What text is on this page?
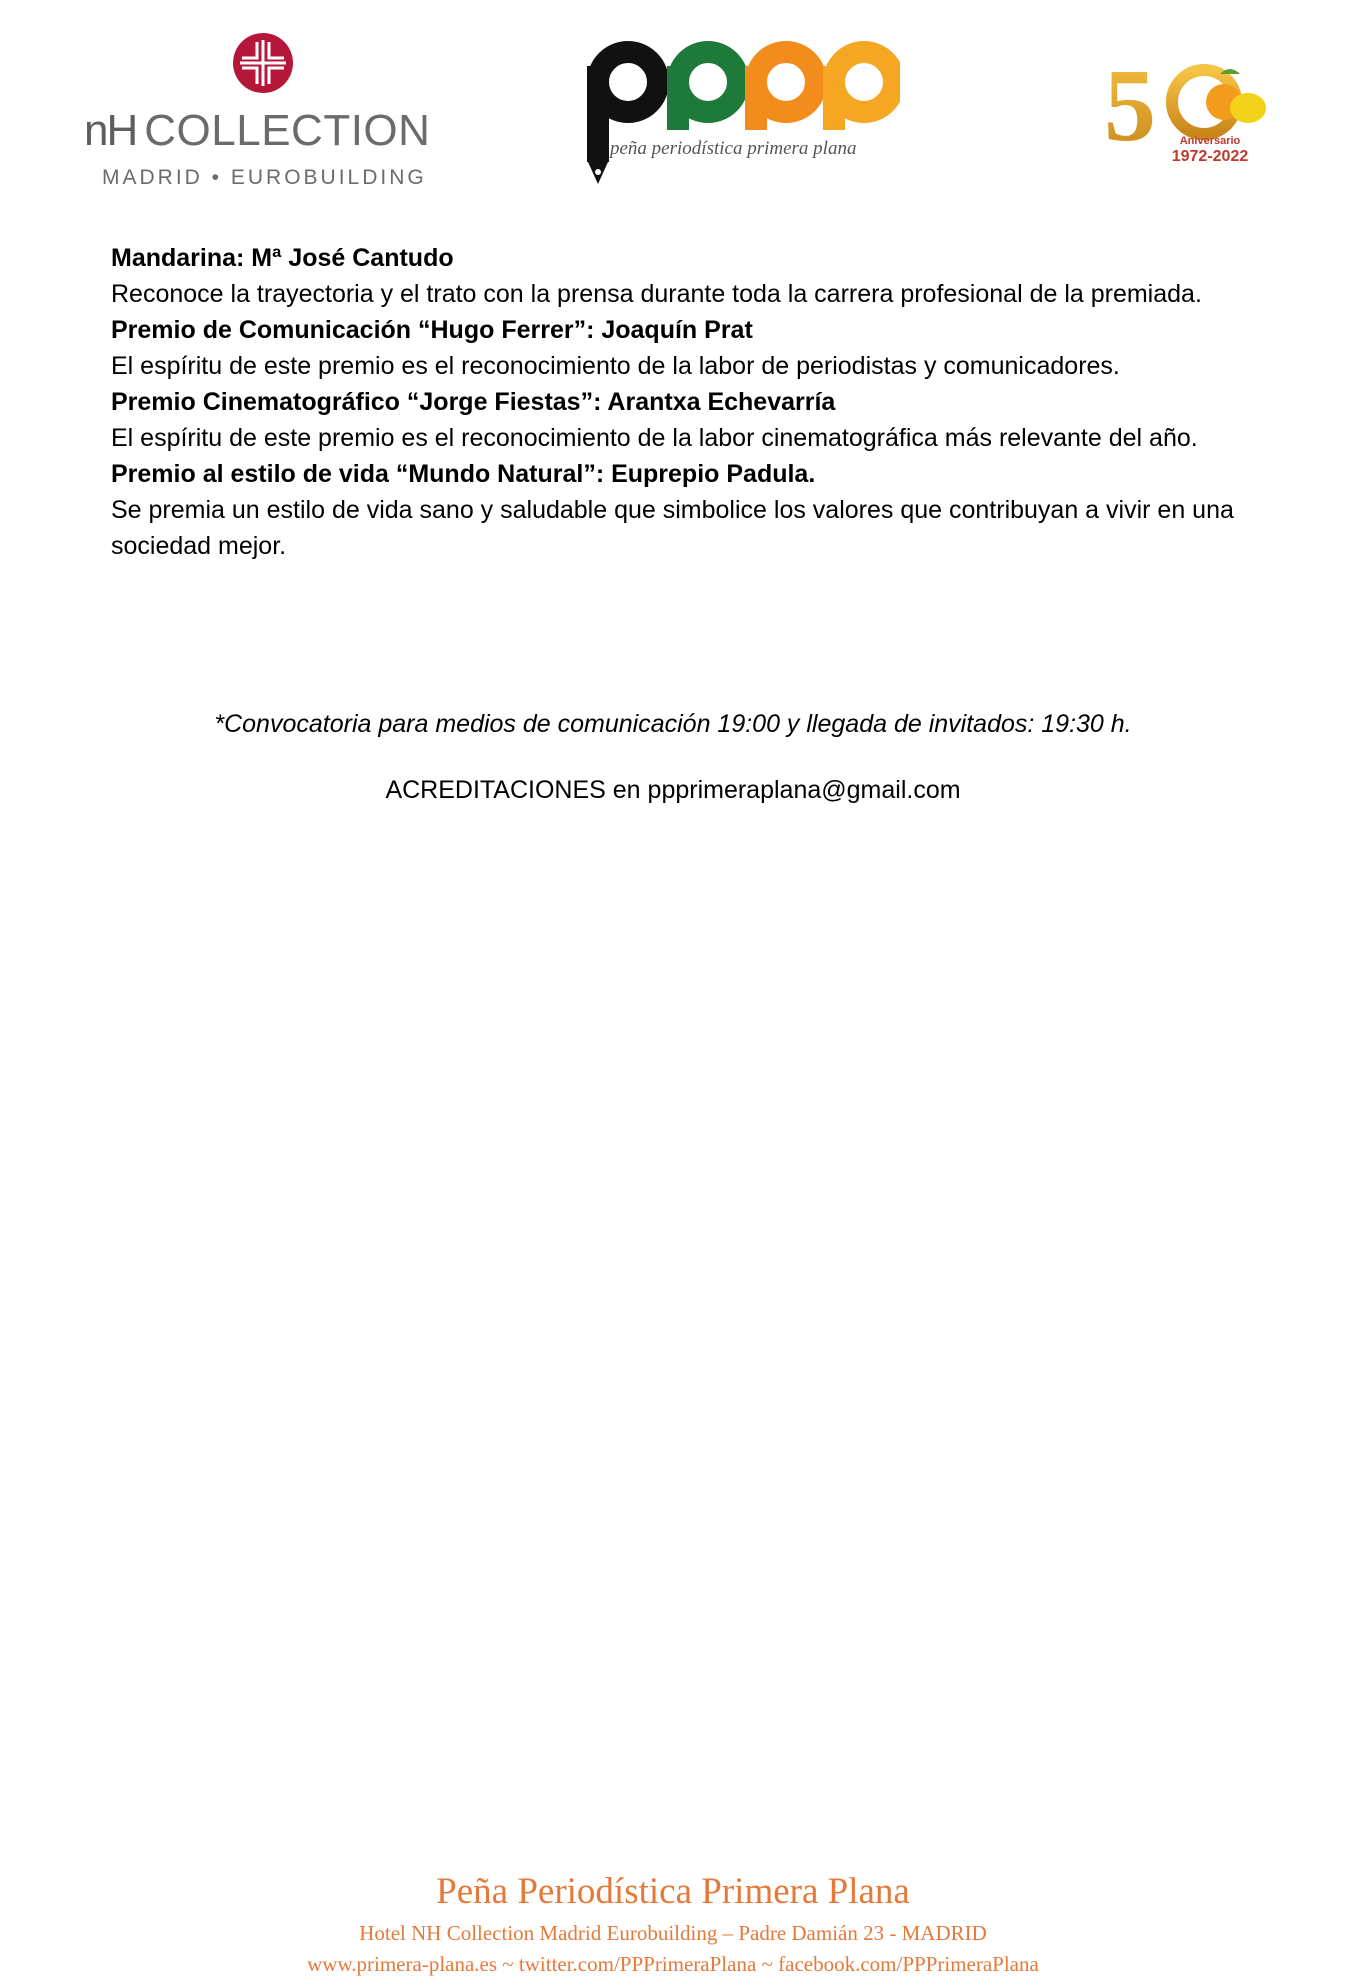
nH COLLECTION
MADRID • EUROBUILDING
peña periodística primera plana	5	Aniversario
1972-2022

Mandarina: Mª José Cantudo

Reconoce la trayectoria y el trato con la prensa durante toda la carrera profesional de la premiada.

Premio de Comunicación “Hugo Ferrer”: Joaquín Prat

El espíritu de este premio es el reconocimiento de la labor de periodistas y comunicadores.

Premio Cinematográfico “Jorge Fiestas”: Arantxa Echevarría

El espíritu de este premio es el reconocimiento de la labor cinematográfica más relevante del año.

Premio al estilo de vida “Mundo Natural”: Euprepio Padula.

Se premia un estilo de vida sano y saludable que simbolice los valores que contribuyan a vivir en una sociedad mejor.

*Convocatoria para medios de comunicación 19:00 y llegada de invitados: 19:30 h.
ACREDITACIONES en ppprimeraplana@gmail.com
Peña Periodística Primera Plana
Hotel NH Collection Madrid Eurobuilding – Padre Damián 23 - MADRID
www.primera-plana.es ~ twitter.com/PPPrimeraPlana ~ facebook.com/PPPrimeraPlana
